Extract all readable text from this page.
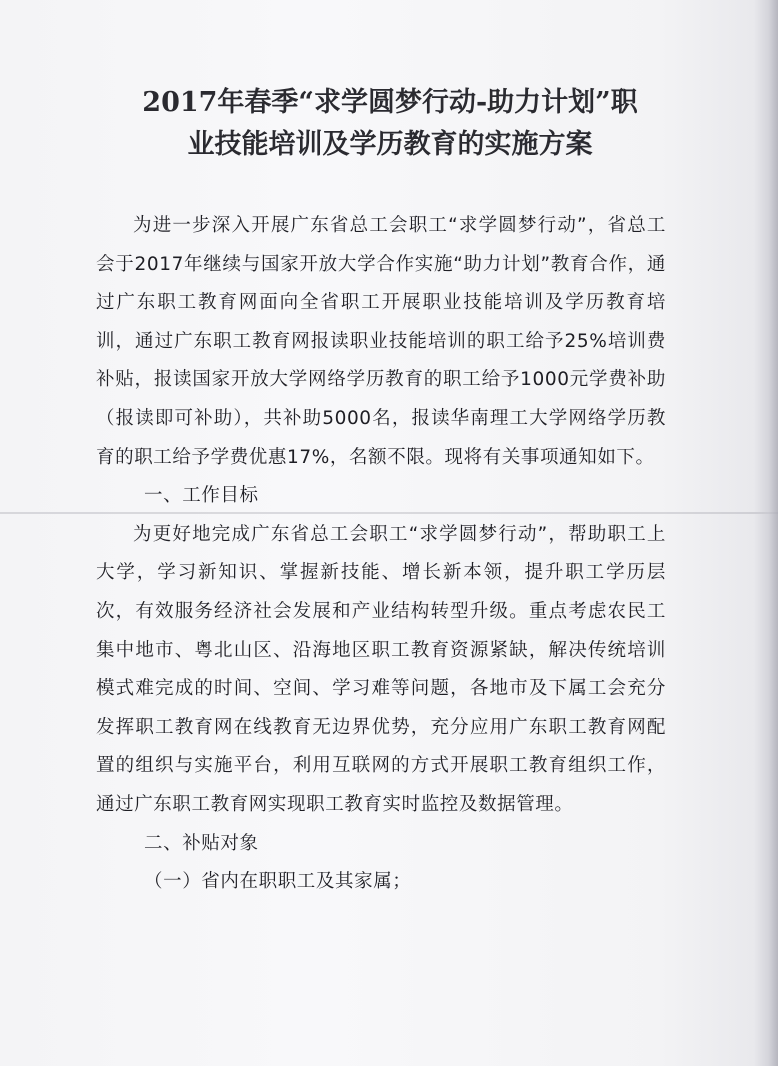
2017年春季“求学圆梦行动-助力计划”职
业技能培训及学历教育的实施方案

为进一步深入开展广东省总工会职工“求学圆梦行动”，省总工会于2017年继续与国家开放大学合作实施“助力计划”教育合作，通过广东职工教育网面向全省职工开展职业技能培训及学历教育培训，通过广东职工教育网报读职业技能培训的职工给予25%培训费补贴，报读国家开放大学网络学历教育的职工给予1000元学费补助（报读即可补助），共补助5000名，报读华南理工大学网络学历教育的职工给予学费优惠17%，名额不限。现将有关事项通知如下。

一、工作目标

为更好地完成广东省总工会职工“求学圆梦行动”，帮助职工上大学，学习新知识、掌握新技能、增长新本领，提升职工学历层次，有效服务经济社会发展和产业结构转型升级。重点考虑农民工集中地市、粤北山区、沿海地区职工教育资源紧缺，解决传统培训模式难完成的时间、空间、学习难等问题，各地市及下属工会充分发挥职工教育网在线教育无边界优势，充分应用广东职工教育网配置的组织与实施平台，利用互联网的方式开展职工教育组织工作，通过广东职工教育网实现职工教育实时监控及数据管理。

二、补贴对象

（一）省内在职职工及其家属；
